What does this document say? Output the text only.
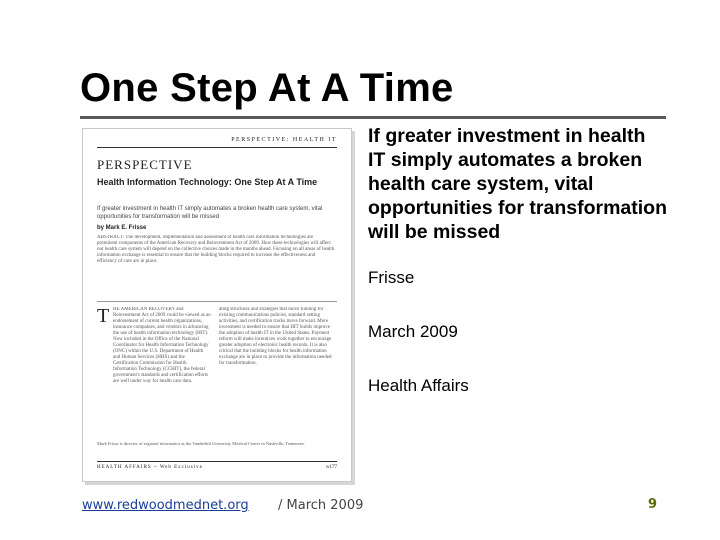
One Step At A Time
PERSPECTIVE: HEALTH IT
PERSPECTIVE
Health Information Technology: One Step At A Time
If greater investment in health IT simply automates a broken health care system, vital opportunities for transformation will be missed
by Mark E. Frisse
ABSTRACT: The development, implementation and assessment of health care information technologies are prominent components of the American Recovery and Reinvestment Act of 2009. How these technologies will affect our health care system will depend on the collective choices made in the months ahead. Focusing on all areas of health information exchange is essential to ensure that the building blocks required to increase the effectiveness and efficiency of care are in place.
T HE AMERICAN RECOVERY and Reinvestment Act of 2009 could be viewed as an endorsement of current health organizations, insurance companies, and vendors in advancing the use of health information technology (HIT). Now included in the Office of the National Coordinator for Health Information Technology (ONC) within the U.S. Department of Health and Human Services (HHS) and the Certification Commission for Health Information Technology (CCHIT), the federal government's standards and certification efforts are well under way for health care data.
ating structures and strategies that move funding for existing communications policies, standard setting activities, and certification tracks move forward. More investment is needed to ensure that HIT builds improve the adoption of health IT in the United States. Payment reform will make incentives work together to encourage greater adoption of electronic health records. It is also critical that the building blocks for health information exchange are in place to provide the information needed for transformation.
Mark Frisse is director of regional informatics at the Vanderbilt University Medical Center in Nashville, Tennessee.
HEALTH AFFAIRS ~ Web Exclusive	w177
If greater investment in health IT simply automates a broken health care system, vital opportunities for transformation will be missed
Frisse
March 2009
Health Affairs
www.redwoodmednet.org / March 2009	9
